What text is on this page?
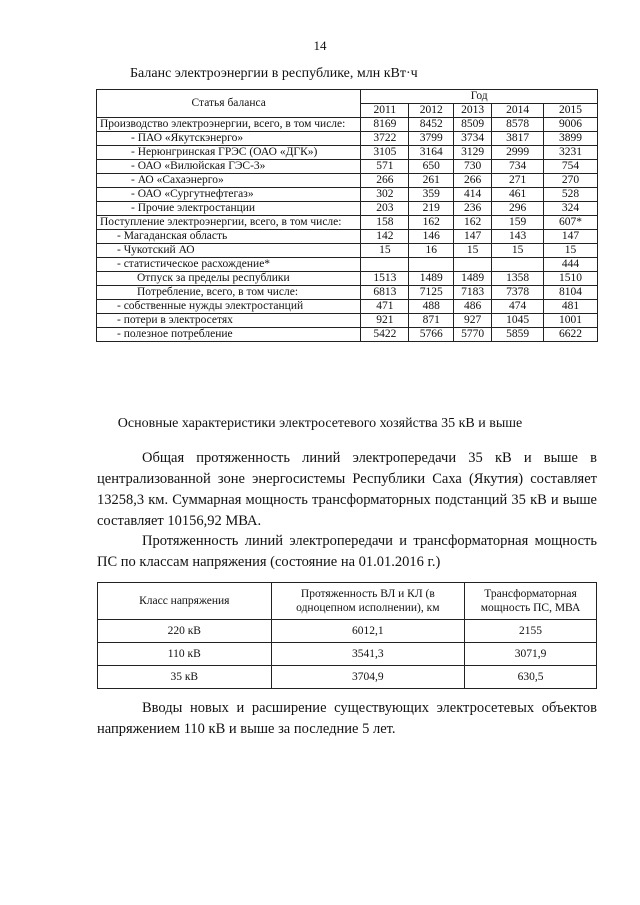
14
Баланс электроэнергии в республике, млн кВт·ч
Статья баланса	Год				
	2011	2012	2013	2014	2015
Производство электроэнергии, всего, в том числе:	8169	8452	8509	8578	9006
- ПАО «Якутскэнерго»	3722	3799	3734	3817	3899
- Нерюнгринская ГРЭС (ОАО «ДГК»)	3105	3164	3129	2999	3231
- ОАО «Вилюйская ГЭС-3»	571	650	730	734	754
- АО «Сахаэнерго»	266	261	266	271	270
- ОАО «Сургутнефтегаз»	302	359	414	461	528
- Прочие электростанции	203	219	236	296	324
Поступление электроэнергии, всего, в том числе:	158	162	162	159	607*
- Магаданская область	142	146	147	143	147
- Чукотский АО	15	16	15	15	15
- статистическое расхождение*					444
Отпуск за пределы республики	1513	1489	1489	1358	1510
Потребление, всего, в том числе:	6813	7125	7183	7378	8104
- собственные нужды электростанций	471	488	486	474	481
- потери в электросетях	921	871	927	1045	1001
- полезное потребление	5422	5766	5770	5859	6622
Основные характеристики электросетевого хозяйства 35 кВ и выше
Общая протяженность линий электропередачи 35 кВ и выше в централизованной зоне энергосистемы Республики Саха (Якутия) составляет 13258,3 км. Суммарная мощность трансформаторных подстанций 35 кВ и выше составляет 10156,92 МВА.
Протяженность линий электропередачи и трансформаторная мощность ПС по классам напряжения (состояние на 01.01.2016 г.)
Класс напряжения	Протяженность ВЛ и КЛ (в одноцепном исполнении), км	Трансформаторная мощность ПС, МВА
220 кВ	6012,1	2155
110 кВ	3541,3	3071,9
35 кВ	3704,9	630,5
Вводы новых и расширение существующих электросетевых объектов напряжением 110 кВ и выше за последние 5 лет.
